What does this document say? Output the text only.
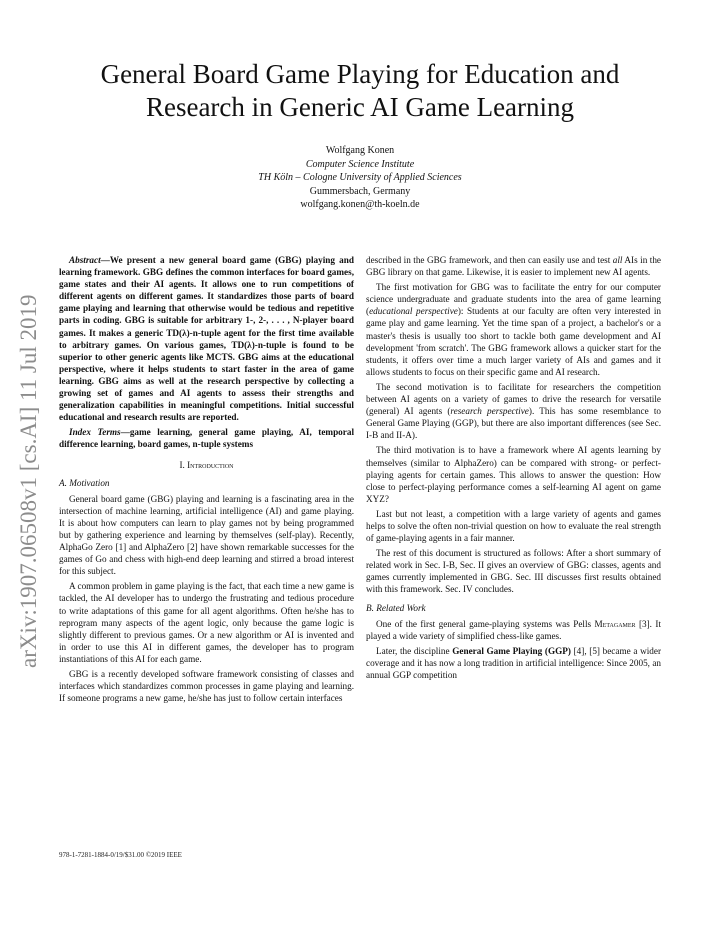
arXiv:1907.06508v1 [cs.AI] 11 Jul 2019
General Board Game Playing for Education and
Research in Generic AI Game Learning
Wolfgang Konen
Computer Science Institute
TH Köln – Cologne University of Applied Sciences
Gummersbach, Germany
wolfgang.konen@th-koeln.de

Abstract—We present a new general board game (GBG) playing and learning framework. GBG defines the common interfaces for board games, game states and their AI agents. It allows one to run competitions of different agents on different games. It standardizes those parts of board game playing and learning that otherwise would be tedious and repetitive parts in coding. GBG is suitable for arbitrary 1-, 2-, . . . , N-player board games. It makes a generic TD(λ)-n-tuple agent for the first time available to arbitrary games. On various games, TD(λ)-n-tuple is found to be superior to other generic agents like MCTS. GBG aims at the educational perspective, where it helps students to start faster in the area of game learning. GBG aims as well at the research perspective by collecting a growing set of games and AI agents to assess their strengths and generalization capabilities in meaningful competitions. Initial successful educational and research results are reported.

Index Terms—game learning, general game playing, AI, temporal difference learning, board games, n-tuple systems

I. Introduction
A. Motivation

General board game (GBG) playing and learning is a fascinating area in the intersection of machine learning, artificial intelligence (AI) and game playing. It is about how computers can learn to play games not by being programmed but by gathering experience and learning by themselves (self-play). Recently, AlphaGo Zero [1] and AlphaZero [2] have shown remarkable successes for the games of Go and chess with high-end deep learning and stirred a broad interest for this subject.

A common problem in game playing is the fact, that each time a new game is tackled, the AI developer has to undergo the frustrating and tedious procedure to write adaptations of this game for all agent algorithms. Often he/she has to reprogram many aspects of the agent logic, only because the game logic is slightly different to previous games. Or a new algorithm or AI is invented and in order to use this AI in different games, the developer has to program instantiations of this AI for each game.

GBG is a recently developed software framework consisting of classes and interfaces which standardizes common processes in game playing and learning. If someone programs a new game, he/she has just to follow certain interfaces

described in the GBG framework, and then can easily use and test all AIs in the GBG library on that game. Likewise, it is easier to implement new AI agents.

The first motivation for GBG was to facilitate the entry for our computer science undergraduate and graduate students into the area of game learning (educational perspective): Students at our faculty are often very interested in game play and game learning. Yet the time span of a project, a bachelor's or a master's thesis is usually too short to tackle both game development and AI development 'from scratch'. The GBG framework allows a quicker start for the students, it offers over time a much larger variety of AIs and games and it allows students to focus on their specific game and AI research.

The second motivation is to facilitate for researchers the competition between AI agents on a variety of games to drive the research for versatile (general) AI agents (research perspective). This has some resemblance to General Game Playing (GGP), but there are also important differences (see Sec. I-B and II-A).

The third motivation is to have a framework where AI agents learning by themselves (similar to AlphaZero) can be compared with strong- or perfect-playing agents for certain games. This allows to answer the question: How close to perfect-playing performance comes a self-learning AI agent on game XYZ?

Last but not least, a competition with a large variety of agents and games helps to solve the often non-trivial question on how to evaluate the real strength of game-playing agents in a fair manner.

The rest of this document is structured as follows: After a short summary of related work in Sec. I-B, Sec. II gives an overview of GBG: classes, agents and games currently implemented in GBG. Sec. III discusses first results obtained with this framework. Sec. IV concludes.

B. Related Work

One of the first general game-playing systems was Pells Metagamer [3]. It played a wide variety of simplified chess-like games.

Later, the discipline General Game Playing (GGP) [4], [5] became a wider coverage and it has now a long tradition in artificial intelligence: Since 2005, an annual GGP competition

978-1-7281-1884-0/19/$31.00 ©2019 IEEE
